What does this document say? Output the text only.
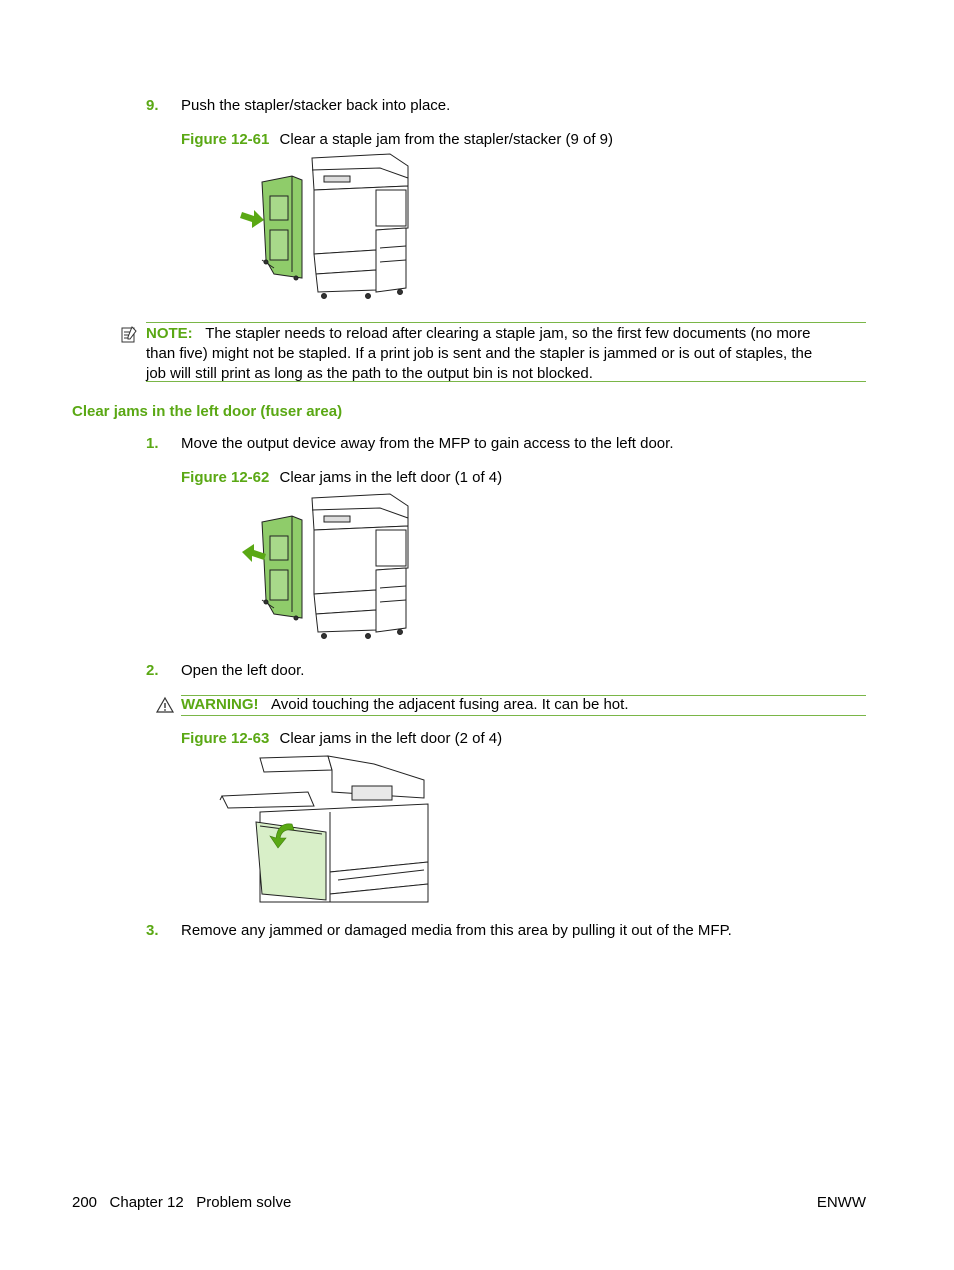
9. Push the stapler/stacker back into place.
Figure 12-61 Clear a staple jam from the stapler/stacker (9 of 9)
NOTE: The stapler needs to reload after clearing a staple jam, so the first few documents (no more
than five) might not be stapled. If a print job is sent and the stapler is jammed or is out of staples, the
job will still print as long as the path to the output bin is not blocked.
Clear jams in the left door (fuser area)
1. Move the output device away from the MFP to gain access to the left door.
Figure 12-62 Clear jams in the left door (1 of 4)
2. Open the left door.
WARNING! Avoid touching the adjacent fusing area. It can be hot.
Figure 12-63 Clear jams in the left door (2 of 4)
3. Remove any jammed or damaged media from this area by pulling it out of the MFP.
200   Chapter 12   Problem solve	ENWW
